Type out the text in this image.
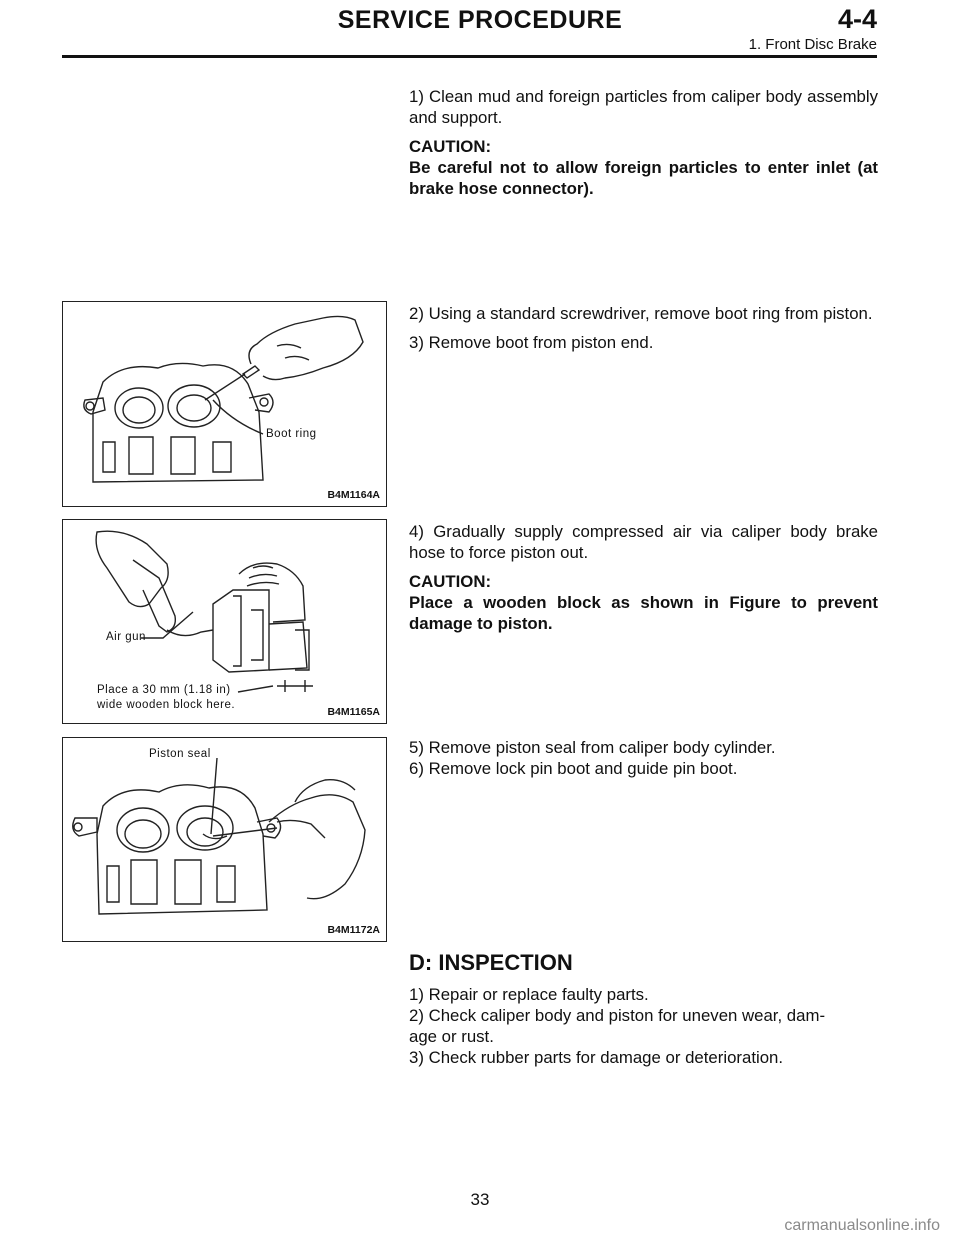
SERVICE PROCEDURE	4-4
1. Front Disc Brake

1) Clean mud and foreign particles from caliper body assembly and support.

CAUTION:
Be careful not to allow foreign particles to enter inlet (at brake hose connector).
Boot ring
B4M1164A

2) Using a standard screwdriver, remove boot ring from piston.

3) Remove boot from piston end.

Air gun
Place a 30 mm (1.18 in)
wide wooden block here.
B4M1165A

4) Gradually supply compressed air via caliper body brake hose to force piston out.

CAUTION:
Place a wooden block as shown in Figure to prevent damage to piston.
Piston seal
B4M1172A
5) Remove piston seal from caliper body cylinder.
6) Remove lock pin boot and guide pin boot.
D: INSPECTION
1) Repair or replace faulty parts.
2) Check caliper body and piston for uneven wear, dam-
age or rust.
3) Check rubber parts for damage or deterioration.
33
carmanualsonline.info
